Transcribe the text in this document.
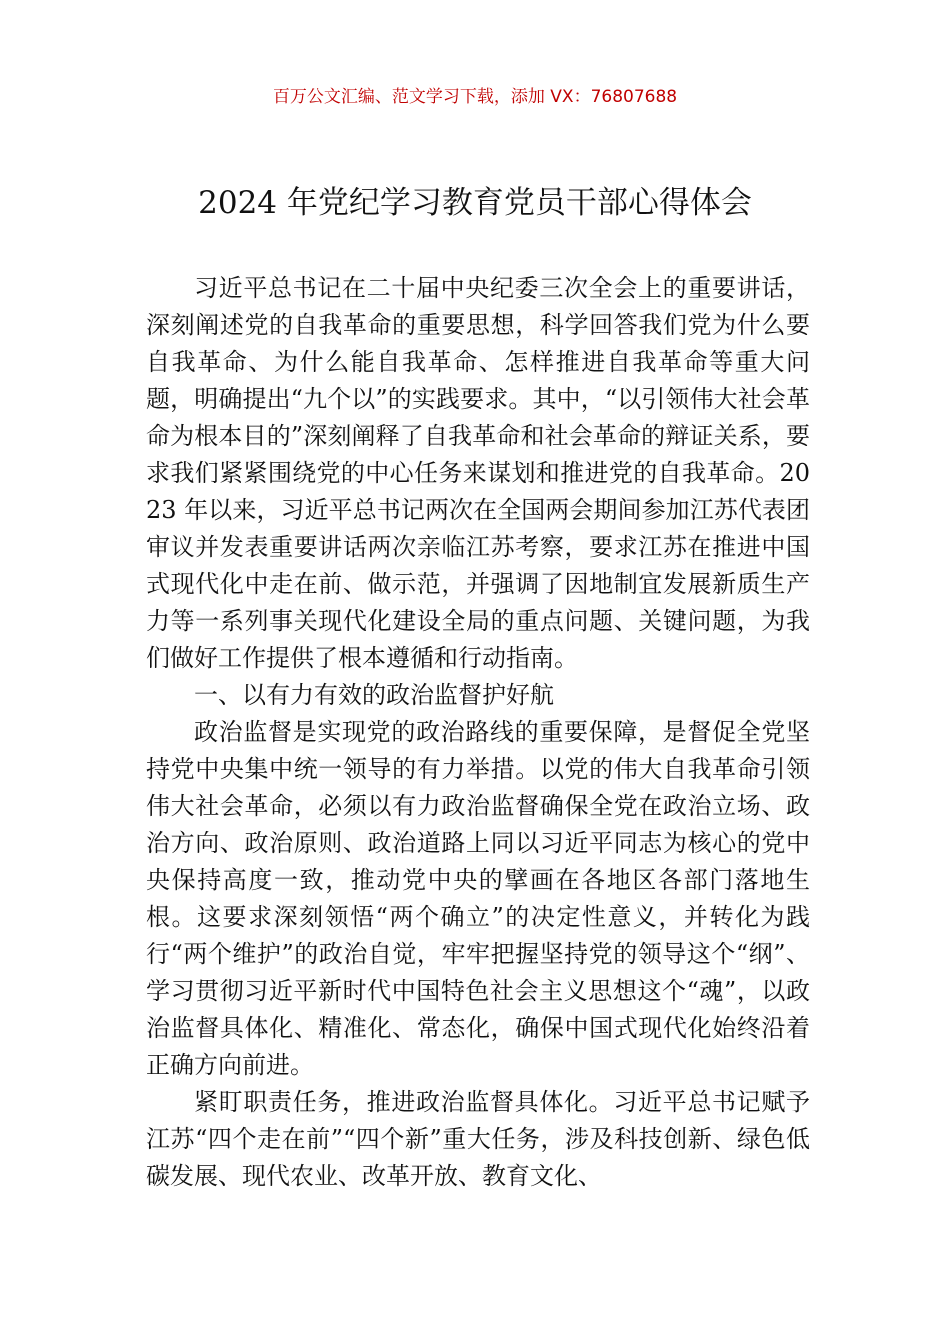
百万公文汇编、范文学习下载，添加 VX：76807688
2024 年党纪学习教育党员干部心得体会

习近平总书记在二十届中央纪委三次全会上的重要讲话，深刻阐述党的自我革命的重要思想，科学回答我们党为什么要自我革命、为什么能自我革命、怎样推进自我革命等重大问题，明确提出“九个以”的实践要求。其中，“以引领伟大社会革命为根本目的”深刻阐释了自我革命和社会革命的辩证关系，要求我们紧紧围绕党的中心任务来谋划和推进党的自我革命。2023 年以来，习近平总书记两次在全国两会期间参加江苏代表团审议并发表重要讲话两次亲临江苏考察，要求江苏在推进中国式现代化中走在前、做示范，并强调了因地制宜发展新质生产力等一系列事关现代化建设全局的重点问题、关键问题，为我们做好工作提供了根本遵循和行动指南。

一、以有力有效的政治监督护好航

政治监督是实现党的政治路线的重要保障，是督促全党坚持党中央集中统一领导的有力举措。以党的伟大自我革命引领伟大社会革命，必须以有力政治监督确保全党在政治立场、政治方向、政治原则、政治道路上同以习近平同志为核心的党中央保持高度一致，推动党中央的擘画在各地区各部门落地生根。这要求深刻领悟“两个确立”的决定性意义，并转化为践行“两个维护”的政治自觉，牢牢把握坚持党的领导这个“纲”、学习贯彻习近平新时代中国特色社会主义思想这个“魂”，以政治监督具体化、精准化、常态化，确保中国式现代化始终沿着正确方向前进。

紧盯职责任务，推进政治监督具体化。习近平总书记赋予江苏“四个走在前”“四个新”重大任务，涉及科技创新、绿色低碳发展、现代农业、改革开放、教育文化、
